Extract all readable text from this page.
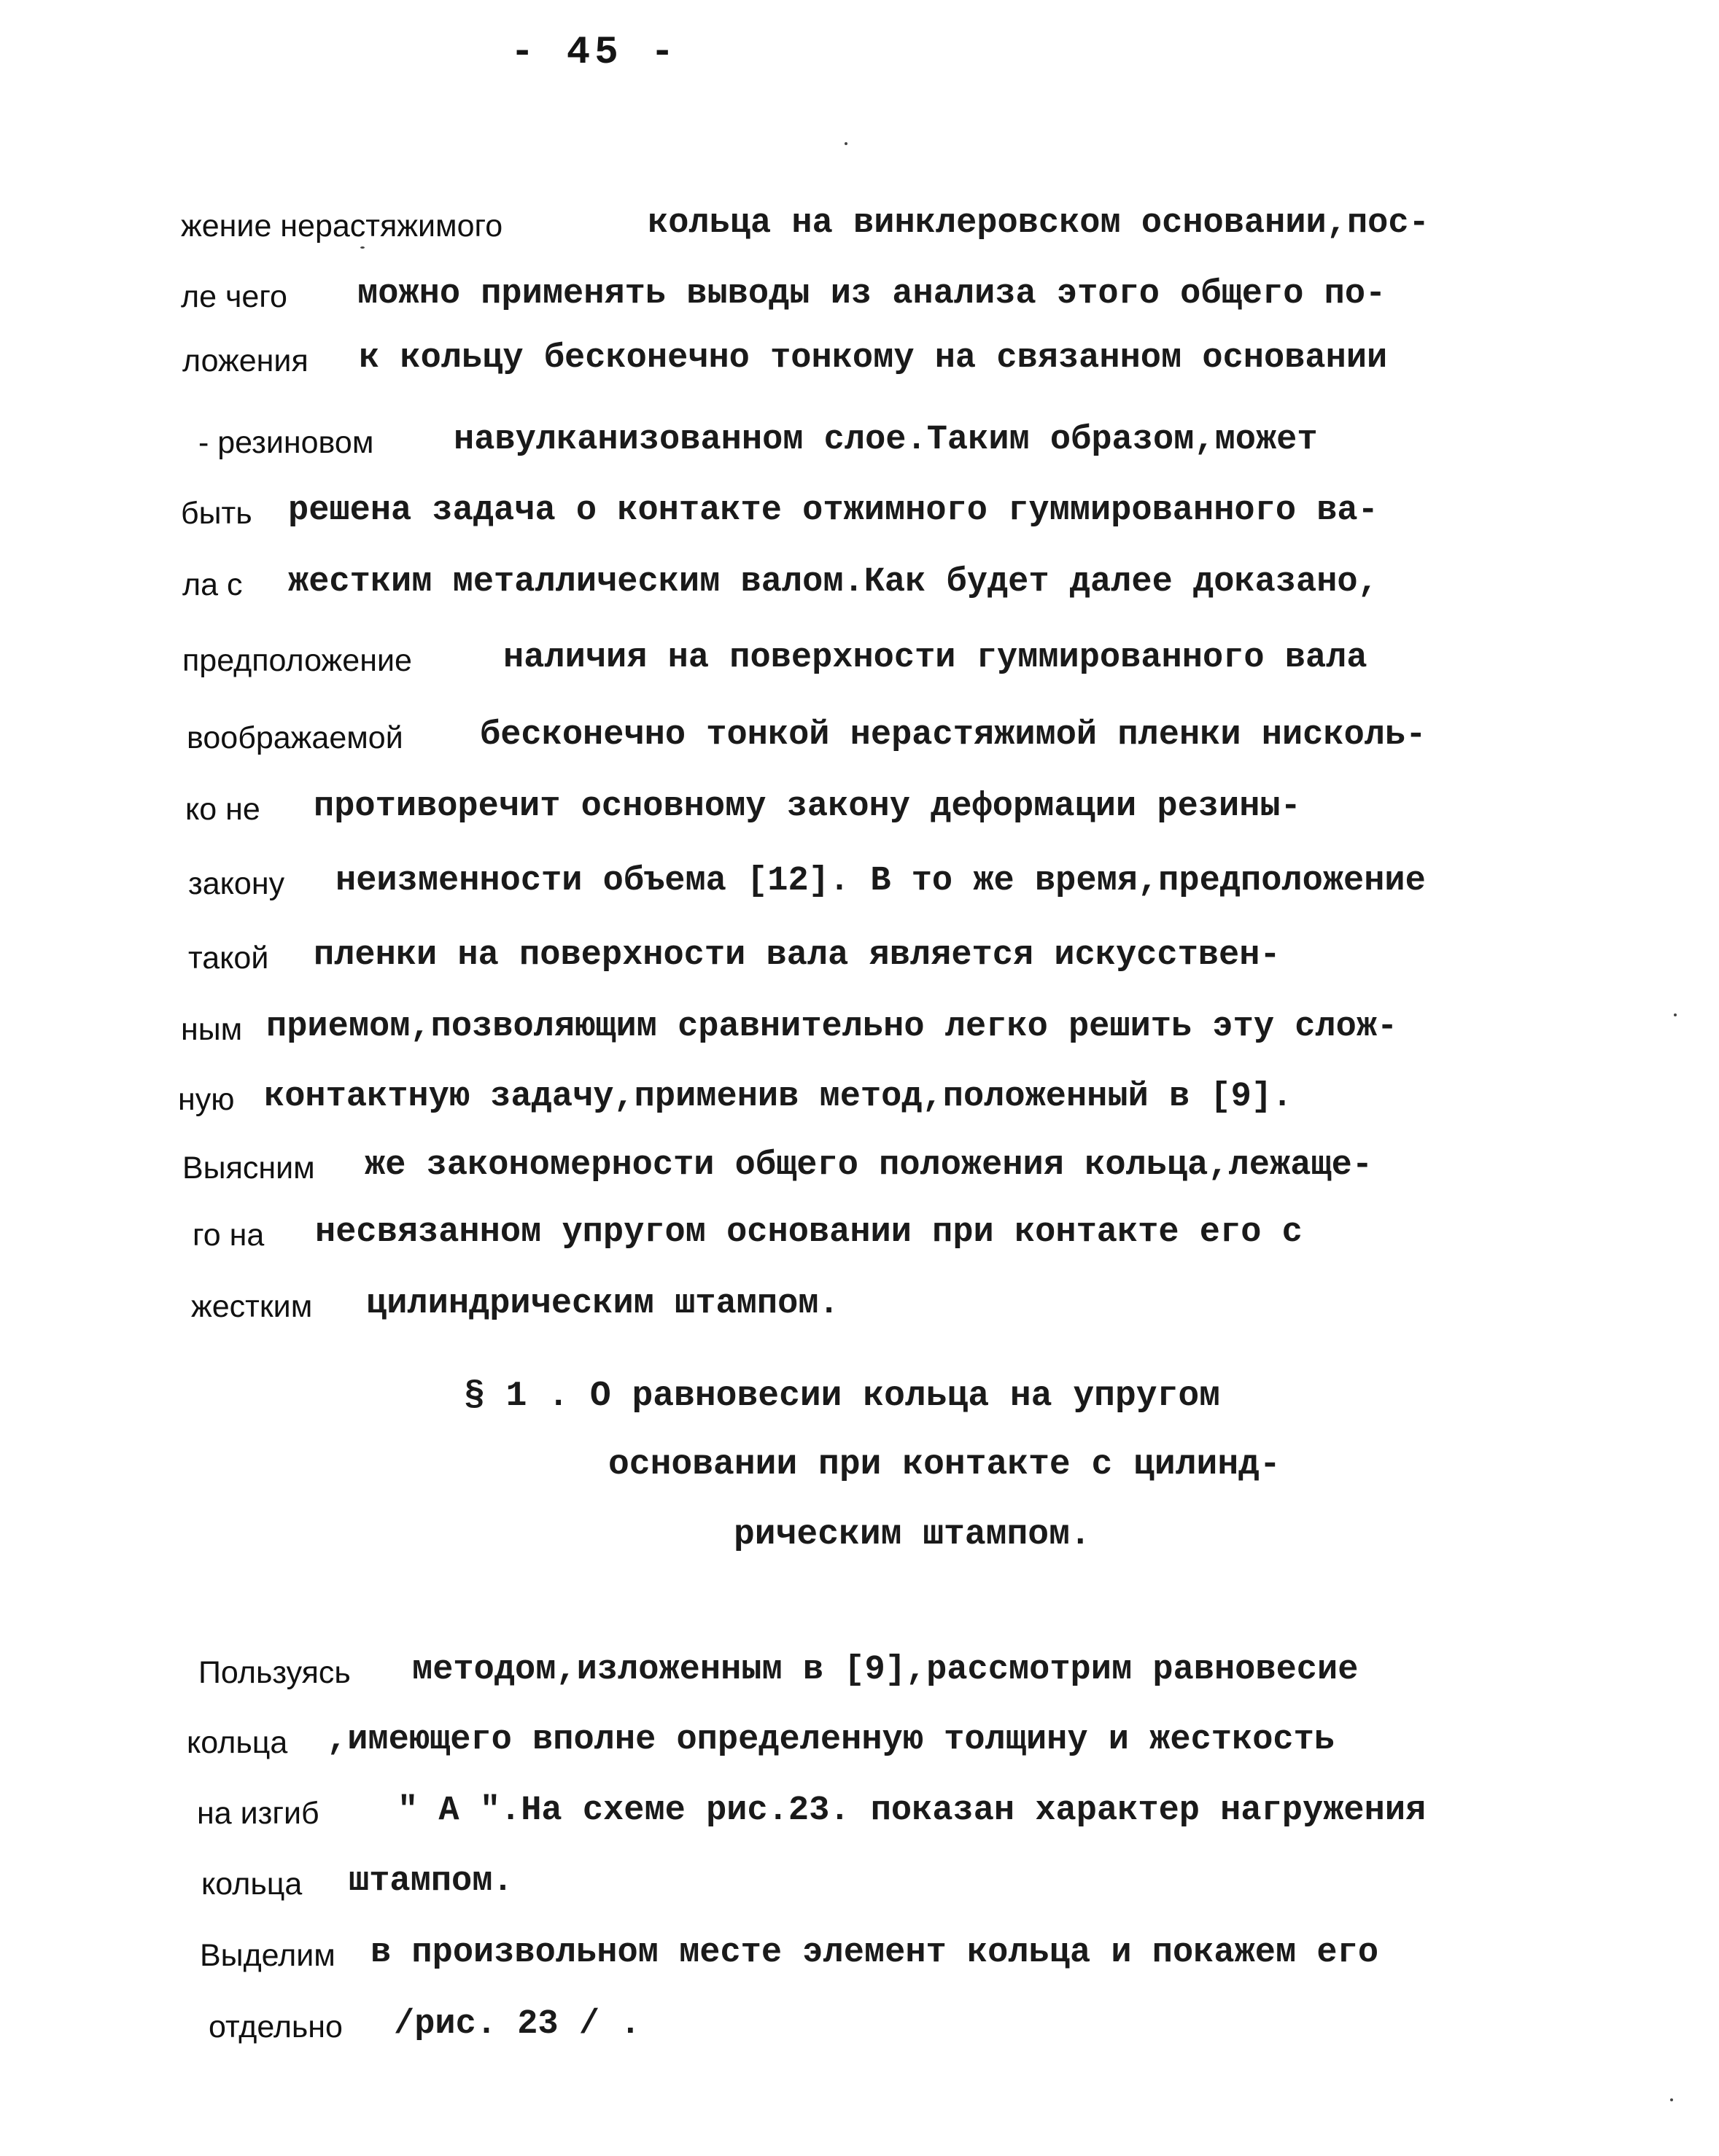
- 45 -
жение нерастяжимого	кольца на винклеровском основании,пос-
ле чего можно применять выводы из анализа этого общего по-
ложения к кольцу бесконечно тонкому на связанном основании
- резиновом навулканизованном слое.Таким образом,может
быть решена задача о контакте отжимного гуммированного ва-
ла с жестким металлическим валом.Как будет далее доказано,
предположение	наличия на поверхности гуммированного вала
воображаемой бесконечно тонкой нерастяжимой пленки нисколь-
ко не противоречит основному закону деформации резины-
закону неизменности объема [12]. В то же время,предположение
такой пленки на поверхности вала является искусствен-
ным приемом,позволяющим сравнительно легко решить эту слож-
ную контактную задачу,применив метод,положенный в [9].
Выясним же закономерности общего положения кольца,лежаще-
го на несвязанном упругом основании при контакте его с
жестким цилиндрическим штампом.
§ 1 . О равновесии кольца на упругом
основании при контакте с цилинд-
рическим штампом.
Пользуясь методом,изложенным в [9],рассмотрим равновесие
кольца ,имеющего вполне определенную толщину и жесткость
на изгиб " А ".На схеме рис.23. показан характер нагружения
кольца штампом.
Выделим в произвольном месте элемент кольца и покажем его
отдельно /рис. 23 / .
